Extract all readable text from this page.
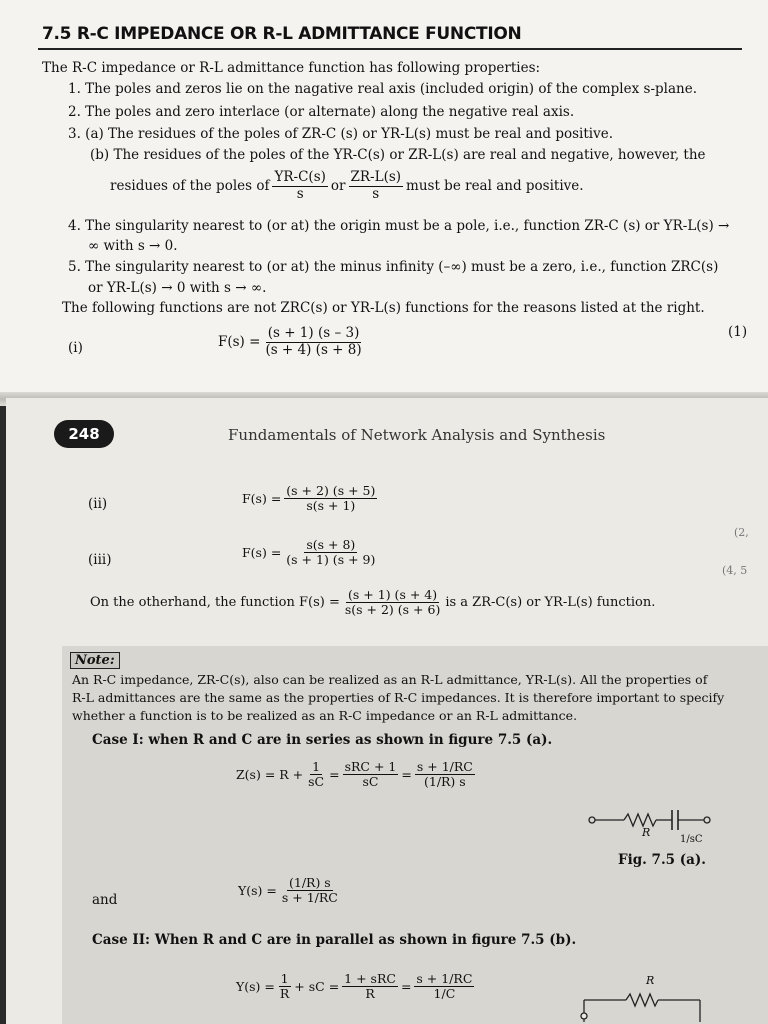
7.5 R-C IMPEDANCE OR R-L ADMITTANCE FUNCTION
The R-C impedance or R-L admittance function has following properties:
1. The poles and zeros lie on the nagative real axis (included origin) of the complex s-plane.
2. The poles and zero interlace (or alternate) along the negative real axis.
3. (a) The residues of the poles of ZR-C (s) or YR-L(s) must be real and positive.
(b) The residues of the poles of the YR-C(s) or ZR-L(s) are real and negative, however, the
residues of the poles of $\frac{YR-C(s)}{s}$ or $\frac{ZR-L(s)}{s}$ must be real and positive.
4. The singularity nearest to (or at) the origin must be a pole, i.e., function ZR-C (s) or YR-L(s) →
∞ with s → 0.
5. The singularity nearest to (or at) the minus infinity (–∞) must be a zero, i.e., function ZRC(s)
or YR-L(s) → 0 with s → ∞.
The following functions are not ZRC(s) or YR-L(s) functions for the reasons listed at the right.
(i)	$F(s) = \frac{(s + 1) (s - 3)}{(s + 4) (s + 8)}$	(1)
248	Fundamentals of Network Analysis and Synthesis
(ii)	$F(s) = \frac{(s + 2) (s + 5)}{s(s + 1)}$
(2,
(iii)	$F(s) = \frac{s(s + 8)}{(s + 1) (s + 9)}$
(4, 5
On the otherhand, the function $F(s) = \frac{(s + 1) (s + 4)}{s(s + 2) (s + 6)}$ is a ZR-C(s) or YR-L(s) function.
Note:
An R-C impedance, ZR-C(s), also can be realized as an R-L admittance, YR-L(s). All the properties of
R-L admittances are the same as the properties of R-C impedances. It is therefore important to specify
whether a function is to be realized as an R-C impedance or an R-L admittance.
Case I: when R and C are in series as shown in figure 7.5 (a).
$Z(s) = R + \frac{1}{sC} = \frac{\text{sRC + 1}}{sC} = \frac{s + 1/RC}{(1/R) s}$
R
1/sC
Fig. 7.5 (a).
and
$Y(s) = \frac{(1/R) s}{s + 1/RC}$
Case II: When R and C are in parallel as shown in figure 7.5 (b).
$Y(s) = \frac{1}{R}$ + sC = $\frac{\text{1 + sRC}}{R} = \frac{s + 1/RC}{1/C}$	R
